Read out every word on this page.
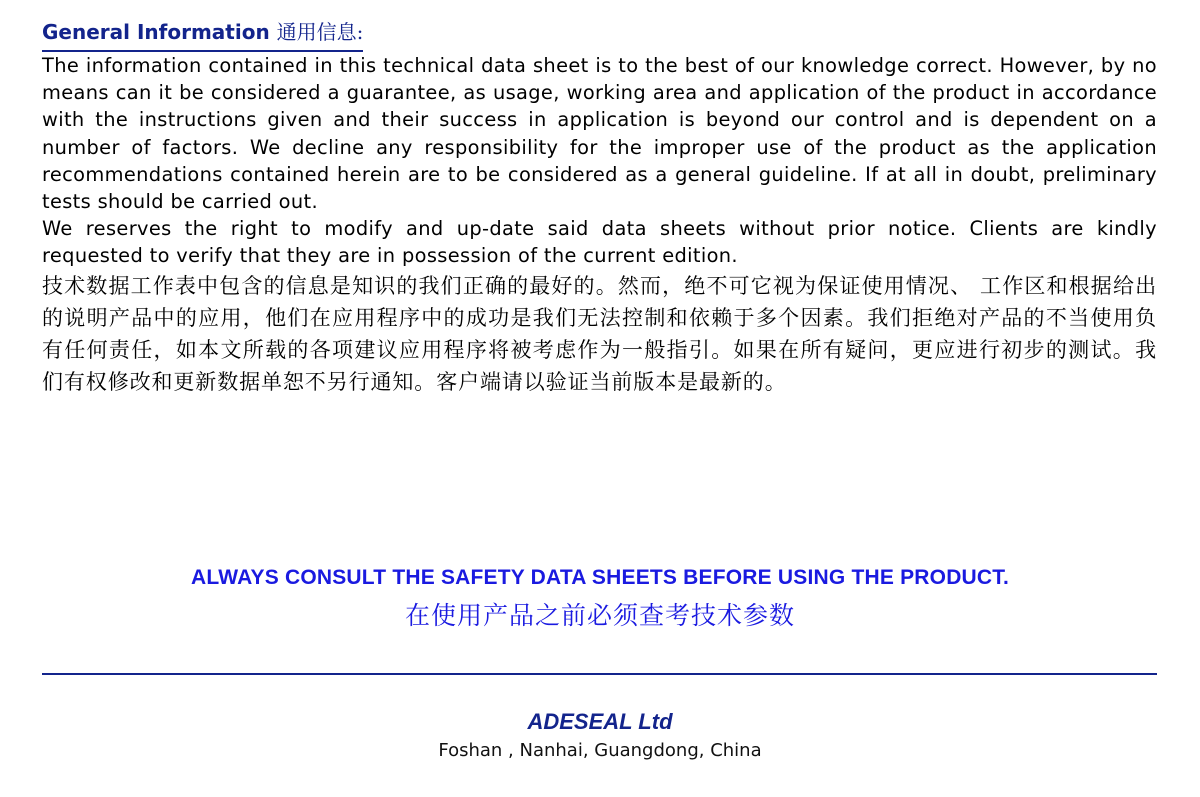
General Information 通用信息:

The information contained in this technical data sheet is to the best of our knowledge correct. However, by no means can it be considered a guarantee, as usage, working area and application of the product in accordance with the instructions given and their success in application is beyond our control and is dependent on a number of factors. We decline any responsibility for the improper use of the product as the application recommendations contained herein are to be considered as a general guideline. If at all in doubt, preliminary tests should be carried out.

We reserves the right to modify and up-date said data sheets without prior notice. Clients are kindly requested to verify that they are in possession of the current edition.

技术数据工作表中包含的信息是知识的我们正确的最好的。然而，绝不可它视为保证使用情况、 工作区和根据给出的说明产品中的应用，他们在应用程序中的成功是我们无法控制和依赖于多个因素。我们拒绝对产品的不当使用负有任何责任，如本文所载的各项建议应用程序将被考虑作为一般指引。如果在所有疑问，更应进行初步的测试。我们有权修改和更新数据单恕不另行通知。客户端请以验证当前版本是最新的。

ALWAYS CONSULT THE SAFETY DATA SHEETS BEFORE USING THE PRODUCT.
在使用产品之前必须查考技术参数
ADESEAL Ltd
Foshan , Nanhai, Guangdong, China
